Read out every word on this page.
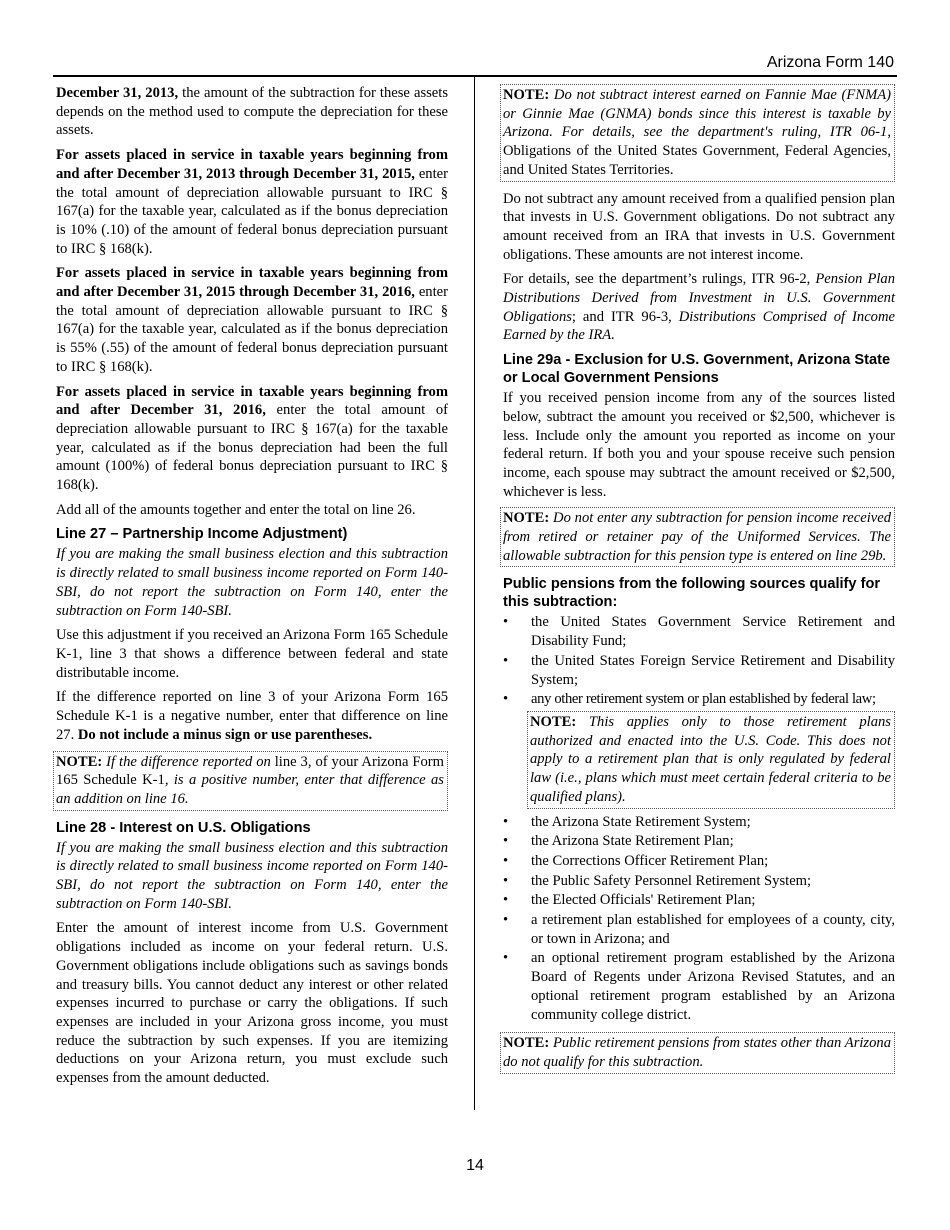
Arizona Form 140

December 31, 2013, the amount of the subtraction for these assets depends on the method used to compute the depreciation for these assets.

For assets placed in service in taxable years beginning from and after December 31, 2013 through December 31, 2015, enter the total amount of depreciation allowable pursuant to IRC § 167(a) for the taxable year, calculated as if the bonus depreciation is 10% (.10) of the amount of federal bonus depreciation pursuant to IRC § 168(k).

For assets placed in service in taxable years beginning from and after December 31, 2015 through December 31, 2016, enter the total amount of depreciation allowable pursuant to IRC § 167(a) for the taxable year, calculated as if the bonus depreciation is 55% (.55) of the amount of federal bonus depreciation pursuant to IRC § 168(k).

For assets placed in service in taxable years beginning from and after December 31, 2016, enter the total amount of depreciation allowable pursuant to IRC § 167(a) for the taxable year, calculated as if the bonus depreciation had been the full amount (100%) of federal bonus depreciation pursuant to IRC § 168(k).

Add all of the amounts together and enter the total on line 26.

Line 27 – Partnership Income Adjustment)

If you are making the small business election and this subtraction is directly related to small business income reported on Form 140-SBI, do not report the subtraction on Form 140, enter the subtraction on Form 140-SBI.

Use this adjustment if you received an Arizona Form 165 Schedule K-1, line 3 that shows a difference between federal and state distributable income.

If the difference reported on line 3 of your Arizona Form 165 Schedule K-1 is a negative number, enter that difference on line 27. Do not include a minus sign or use parentheses.

NOTE: If the difference reported on line 3, of your Arizona Form 165 Schedule K-1, is a positive number, enter that difference as an addition on line 16.
Line 28 - Interest on U.S. Obligations

If you are making the small business election and this subtraction is directly related to small business income reported on Form 140-SBI, do not report the subtraction on Form 140, enter the subtraction on Form 140-SBI.

Enter the amount of interest income from U.S. Government obligations included as income on your federal return. U.S. Government obligations include obligations such as savings bonds and treasury bills. You cannot deduct any interest or other related expenses incurred to purchase or carry the obligations. If such expenses are included in your Arizona gross income, you must reduce the subtraction by such expenses. If you are itemizing deductions on your Arizona return, you must exclude such expenses from the amount deducted.

NOTE: Do not subtract interest earned on Fannie Mae (FNMA) or Ginnie Mae (GNMA) bonds since this interest is taxable by Arizona. For details, see the department's ruling, ITR 06-1, Obligations of the United States Government, Federal Agencies, and United States Territories.

Do not subtract any amount received from a qualified pension plan that invests in U.S. Government obligations. Do not subtract any amount received from an IRA that invests in U.S. Government obligations. These amounts are not interest income.

For details, see the department’s rulings, ITR 96-2, Pension Plan Distributions Derived from Investment in U.S. Government Obligations; and ITR 96-3, Distributions Comprised of Income Earned by the IRA.

Line 29a - Exclusion for U.S. Government, Arizona State or Local Government Pensions

If you received pension income from any of the sources listed below, subtract the amount you received or $2,500, whichever is less. Include only the amount you reported as income on your federal return. If both you and your spouse receive such pension income, each spouse may subtract the amount received or $2,500, whichever is less.

NOTE: Do not enter any subtraction for pension income received from retired or retainer pay of the Uniformed Services. The allowable subtraction for this pension type is entered on line 29b.
Public pensions from the following sources qualify for this subtraction:
• the United States Government Service Retirement and Disability Fund;
• the United States Foreign Service Retirement and Disability System;
• any other retirement system or plan established by federal law;
NOTE: This applies only to those retirement plans authorized and enacted into the U.S. Code. This does not apply to a retirement plan that is only regulated by federal law (i.e., plans which must meet certain federal criteria to be qualified plans).
• the Arizona State Retirement System;
• the Arizona State Retirement Plan;
• the Corrections Officer Retirement Plan;
• the Public Safety Personnel Retirement System;
• the Elected Officials' Retirement Plan;
• a retirement plan established for employees of a county, city, or town in Arizona; and
• an optional retirement program established by the Arizona Board of Regents under Arizona Revised Statutes, and an optional retirement program established by an Arizona community college district.
NOTE: Public retirement pensions from states other than Arizona do not qualify for this subtraction.
14
